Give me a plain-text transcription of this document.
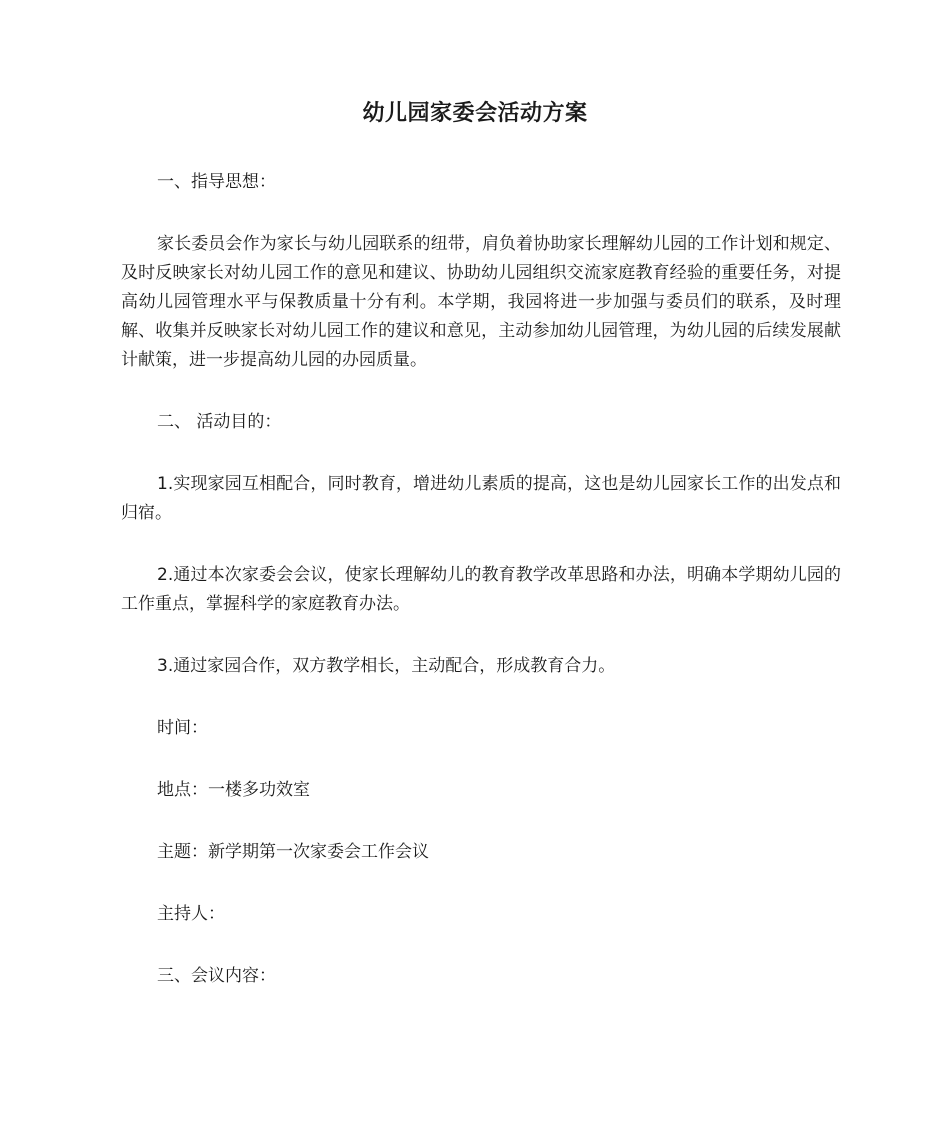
幼儿园家委会活动方案

一、指导思想：

家长委员会作为家长与幼儿园联系的纽带，肩负着协助家长理解幼儿园的工作计划和规定、及时反映家长对幼儿园工作的意见和建议、协助幼儿园组织交流家庭教育经验的重要任务，对提高幼儿园管理水平与保教质量十分有利。本学期，我园将进一步加强与委员们的联系，及时理解、收集并反映家长对幼儿园工作的建议和意见，主动参加幼儿园管理，为幼儿园的后续发展献计献策，进一步提高幼儿园的办园质量。

二、 活动目的：

1.实现家园互相配合，同时教育，增进幼儿素质的提高，这也是幼儿园家长工作的出发点和归宿。

2.通过本次家委会会议，使家长理解幼儿的教育教学改革思路和办法，明确本学期幼儿园的工作重点，掌握科学的家庭教育办法。

3.通过家园合作，双方教学相长，主动配合，形成教育合力。

时间：

地点：一楼多功效室

主题：新学期第一次家委会工作会议

主持人：

三、会议内容：
